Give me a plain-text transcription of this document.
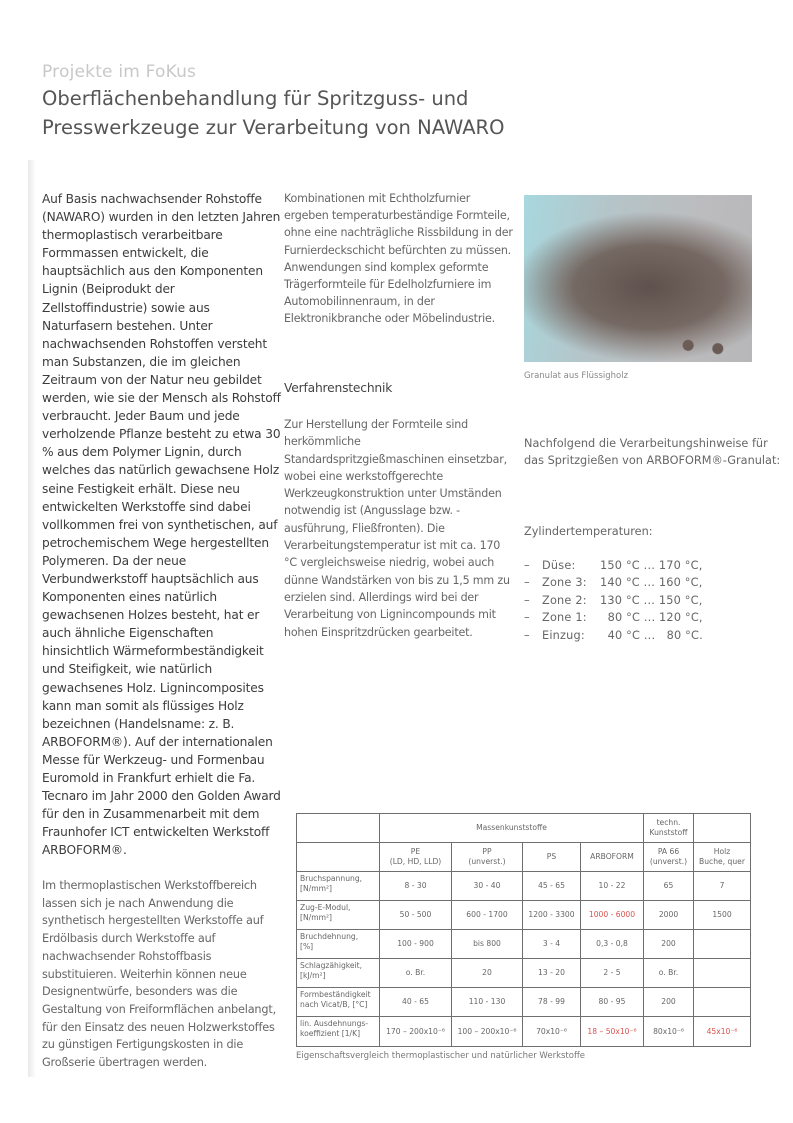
Projekte im FoKus
Oberflächenbehandlung für Spritzguss- und
Presswerkzeuge zur Verarbeitung von NAWARO

Auf Basis nachwachsender Rohstoffe (NAWARO) wurden in den letzten Jahren thermoplastisch verarbeitbare Formmassen entwickelt, die hauptsächlich aus den Komponenten Lignin (Beiprodukt der Zellstoffindustrie) sowie aus Naturfasern bestehen. Unter nachwachsenden Rohstoffen versteht man Substanzen, die im gleichen Zeitraum von der Natur neu gebildet werden, wie sie der Mensch als Rohstoff verbraucht. Jeder Baum und jede verholzende Pflanze besteht zu etwa 30 % aus dem Polymer Lignin, durch welches das natürlich gewachsene Holz seine Festigkeit erhält. Diese neu entwickelten Werkstoffe sind dabei vollkommen frei von synthetischen, auf petrochemischem Wege hergestellten Polymeren. Da der neue Verbundwerkstoff hauptsächlich aus Komponenten eines natürlich gewachsenen Holzes besteht, hat er auch ähnliche Eigenschaften hinsichtlich Wärmeformbeständigkeit und Steifigkeit, wie natürlich gewachsenes Holz. Lignincomposites kann man somit als flüssiges Holz bezeichnen (Handelsname: z. B. ARBOFORM®). Auf der internationalen Messe für Werkzeug- und Formenbau Euromold in Frankfurt erhielt die Fa. Tecnaro im Jahr 2000 den Golden Award für den in Zusammenarbeit mit dem Fraunhofer ICT entwickelten Werkstoff ARBOFORM®.

Im thermoplastischen Werkstoffbereich lassen sich je nach Anwendung die synthetisch hergestellten Werkstoffe auf Erdölbasis durch Werkstoffe auf nachwachsender Rohstoffbasis substituieren. Weiterhin können neue Designentwürfe, besonders was die Gestaltung von Freiformflächen anbelangt, für den Einsatz des neuen Holzwerkstoffes zu günstigen Fertigungskosten in die Großserie übertragen werden.

Kombinationen mit Echtholzfurnier ergeben temperaturbeständige Formteile, ohne eine nachträgliche Rissbildung in der Furnierdeckschicht befürchten zu müssen. Anwendungen sind komplex geformte Trägerformteile für Edelholzfurniere im Automobilinnenraum, in der Elektronikbranche oder Möbelindustrie.

Verfahrenstechnik

Zur Herstellung der Formteile sind herkömmliche Standardspritzgießmaschinen einsetzbar, wobei eine werkstoffgerechte Werkzeugkonstruktion unter Umständen notwendig ist (Angusslage bzw. -ausführung, Fließfronten). Die Verarbeitungstemperatur ist mit ca. 170 °C vergleichsweise niedrig, wobei auch dünne Wandstärken von bis zu 1,5 mm zu erzielen sind. Allerdings wird bei der Verarbeitung von Lignincompounds mit hohen Einspritzdrücken gearbeitet.

Granulat aus Flüssigholz

Nachfolgend die Verarbeitungshinweise für das Spritzgießen von ARBOFORM®-Granulat:

Zylindertemperaturen:

– Düse: 150 °C ... 170 °C,
– Zone 3: 140 °C ... 160 °C,
– Zone 2: 130 °C ... 150 °C,
– Zone 1:  80 °C ... 120 °C,
– Einzug:  40 °C ...   80 °C.
	Massenkunststoffe				techn. Kunststoff	
	PE
(LD, HD, LLD)	PP
(unverst.)	PS	ARBOFORM	PA 66
(unverst.)	Holz
Buche, quer
Bruchspannung,
[N/mm²]	8 - 30	30 - 40	45 - 65	10 - 22	65	7
Zug-E-Modul,
[N/mm²]	50 - 500	600 - 1700	1200 - 3300	1000 - 6000	2000	1500
Bruchdehnung,
[%]	100 - 900	bis 800	3 - 4	0,3 - 0,8	200	
Schlagzähigkeit,
[kJ/m²]	o. Br.	20	13 - 20	2 - 5	o. Br.	
Formbeständigkeit
nach Vicat/B, [°C]	40 - 65	110 - 130	78 - 99	80 - 95	200	
lin. Ausdehnungs-
koeffizient [1/K]	170 – 200x10⁻⁶	100 – 200x10⁻⁶	70x10⁻⁶	18 – 50x10⁻⁶	80x10⁻⁶	45x10⁻⁶
Eigenschaftsvergleich thermoplastischer und natürlicher Werkstoffe
